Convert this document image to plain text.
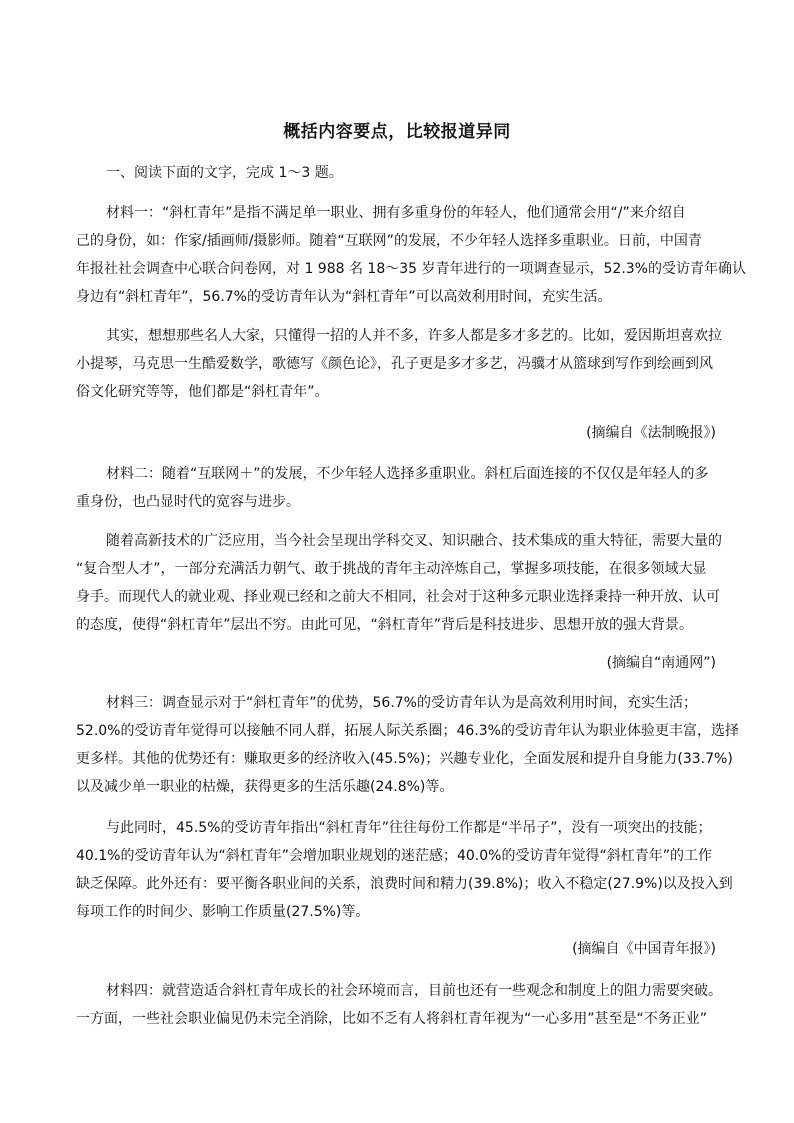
概括内容要点，比较报道异同
一、阅读下面的文字，完成 1～3 题。
材料一：“斜杠青年”是指不满足单一职业、拥有多重身份的年轻人，他们通常会用“/”来介绍自
己的身份，如：作家/插画师/摄影师。随着“互联网”的发展，不少年轻人选择多重职业。日前，中国青
年报社社会调查中心联合问卷网，对 1 988 名 18～35 岁青年进行的一项调查显示，52.3%的受访青年确认
身边有“斜杠青年”，56.7%的受访青年认为“斜杠青年”可以高效利用时间，充实生活。
其实，想想那些名人大家，只懂得一招的人并不多，许多人都是多才多艺的。比如，爱因斯坦喜欢拉
小提琴，马克思一生酷爱数学，歌德写《颜色论》，孔子更是多才多艺，冯骥才从篮球到写作到绘画到风
俗文化研究等等，他们都是“斜杠青年”。
(摘编自《法制晚报》)
材料二：随着“互联网＋”的发展，不少年轻人选择多重职业。斜杠后面连接的不仅仅是年轻人的多
重身份，也凸显时代的宽容与进步。
随着高新技术的广泛应用，当今社会呈现出学科交叉、知识融合、技术集成的重大特征，需要大量的
“复合型人才”，一部分充满活力朝气、敢于挑战的青年主动淬炼自己，掌握多项技能，在很多领域大显
身手。而现代人的就业观、择业观已经和之前大不相同，社会对于这种多元职业选择秉持一种开放、认可
的态度，使得“斜杠青年”层出不穷。由此可见，“斜杠青年”背后是科技进步、思想开放的强大背景。
(摘编自“南通网”)
材料三：调查显示对于“斜杠青年”的优势，56.7%的受访青年认为是高效利用时间，充实生活；
52.0%的受访青年觉得可以接触不同人群，拓展人际关系圈；46.3%的受访青年认为职业体验更丰富，选择
更多样。其他的优势还有：赚取更多的经济收入(45.5%)；兴趣专业化，全面发展和提升自身能力(33.7%)
以及减少单一职业的枯燥，获得更多的生活乐趣(24.8%)等。
与此同时，45.5%的受访青年指出“斜杠青年”往往每份工作都是“半吊子”，没有一项突出的技能；
40.1%的受访青年认为“斜杠青年”会增加职业规划的迷茫感；40.0%的受访青年觉得“斜杠青年”的工作
缺乏保障。此外还有：要平衡各职业间的关系，浪费时间和精力(39.8%)；收入不稳定(27.9%)以及投入到
每项工作的时间少、影响工作质量(27.5%)等。
(摘编自《中国青年报》)
材料四：就营造适合斜杠青年成长的社会环境而言，目前也还有一些观念和制度上的阻力需要突破。
一方面，一些社会职业偏见仍未完全消除，比如不乏有人将斜杠青年视为“一心多用”甚至是“不务正业”
